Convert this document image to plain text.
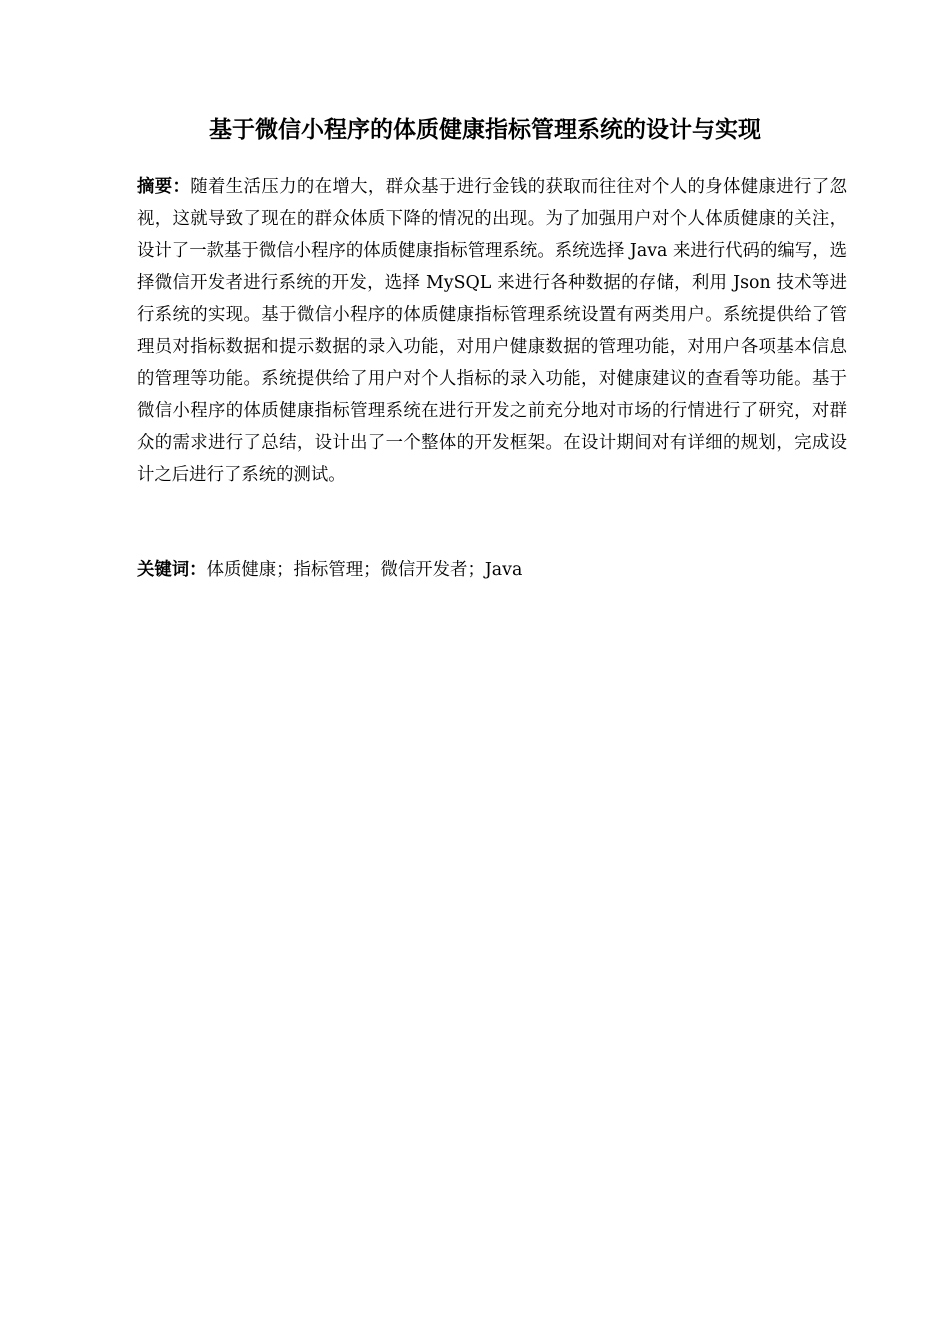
基于微信小程序的体质健康指标管理系统的设计与实现
摘要：随着生活压力的在增大，群众基于进行金钱的获取而往往对个人的身体健康进行了忽视，这就导致了现在的群众体质下降的情况的出现。为了加强用户对个人体质健康的关注，设计了一款基于微信小程序的体质健康指标管理系统。系统选择 Java 来进行代码的编写，选择微信开发者进行系统的开发，选择 MySQL 来进行各种数据的存储，利用 Json 技术等进行系统的实现。基于微信小程序的体质健康指标管理系统设置有两类用户。系统提供给了管理员对指标数据和提示数据的录入功能，对用户健康数据的管理功能，对用户各项基本信息的管理等功能。系统提供给了用户对个人指标的录入功能，对健康建议的查看等功能。基于微信小程序的体质健康指标管理系统在进行开发之前充分地对市场的行情进行了研究，对群众的需求进行了总结，设计出了一个整体的开发框架。在设计期间对有详细的规划，完成设计之后进行了系统的测试。
关键词：体质健康；指标管理；微信开发者；Java
